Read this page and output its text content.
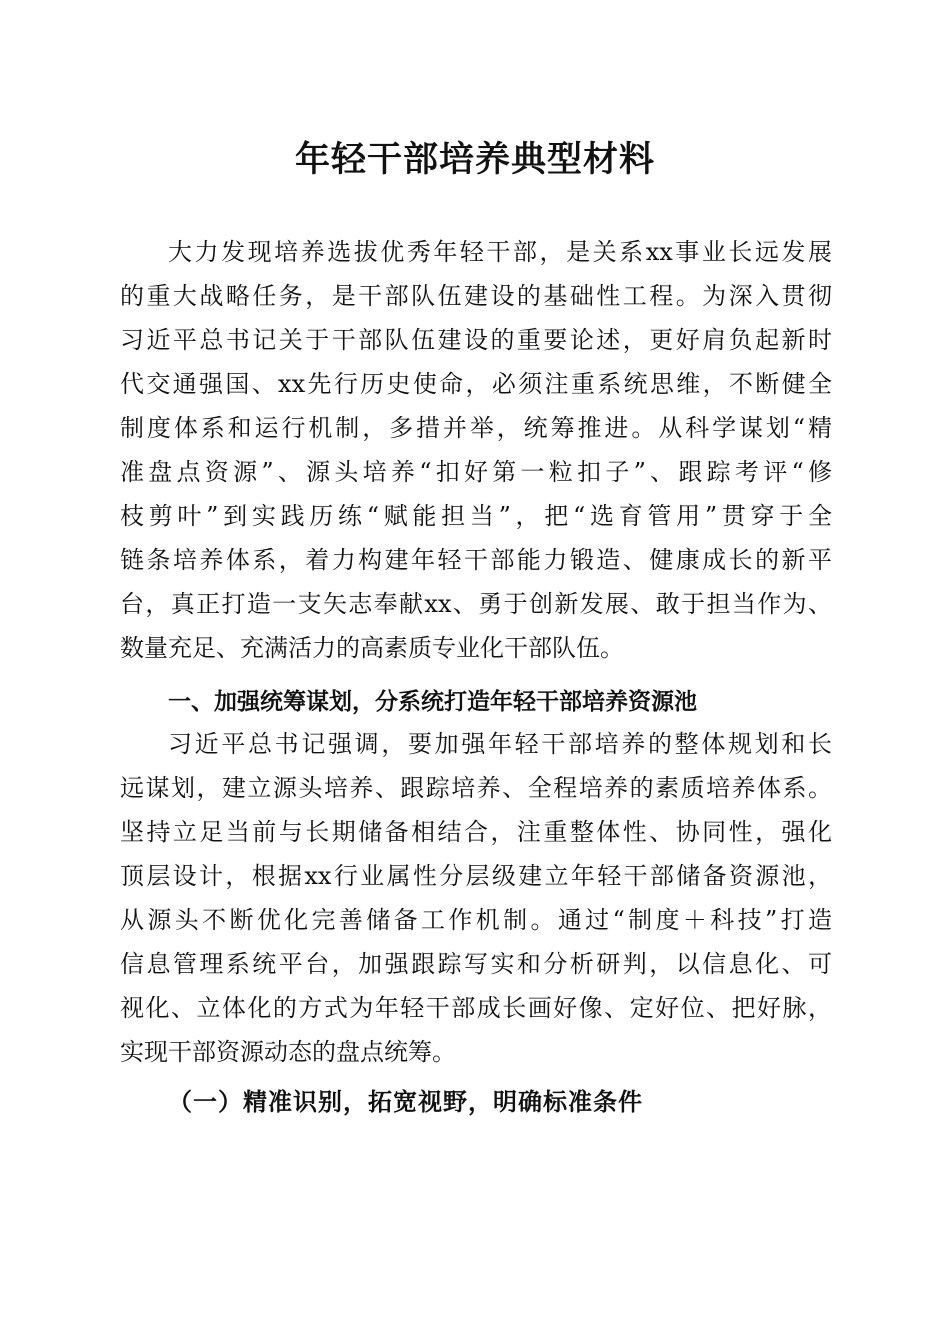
年轻干部培养典型材料
大力发现培养选拔优秀年轻干部，是关系xx事业长远发展
的重大战略任务，是干部队伍建设的基础性工程。为深入贯彻
习近平总书记关于干部队伍建设的重要论述，更好肩负起新时
代交通强国、xx先行历史使命，必须注重系统思维，不断健全
制度体系和运行机制，多措并举，统筹推进。从科学谋划“精
准盘点资源”、源头培养“扣好第一粒扣子”、跟踪考评“修
枝剪叶”到实践历练“赋能担当”，把“选育管用”贯穿于全
链条培养体系，着力构建年轻干部能力锻造、健康成长的新平
台，真正打造一支矢志奉献xx、勇于创新发展、敢于担当作为、
数量充足、充满活力的高素质专业化干部队伍。
一、加强统筹谋划，分系统打造年轻干部培养资源池
习近平总书记强调，要加强年轻干部培养的整体规划和长
远谋划，建立源头培养、跟踪培养、全程培养的素质培养体系。
坚持立足当前与长期储备相结合，注重整体性、协同性，强化
顶层设计，根据xx行业属性分层级建立年轻干部储备资源池，
从源头不断优化完善储备工作机制。通过“制度＋科技”打造
信息管理系统平台，加强跟踪写实和分析研判，以信息化、可
视化、立体化的方式为年轻干部成长画好像、定好位、把好脉，
实现干部资源动态的盘点统筹。
（一）精准识别，拓宽视野，明确标准条件
